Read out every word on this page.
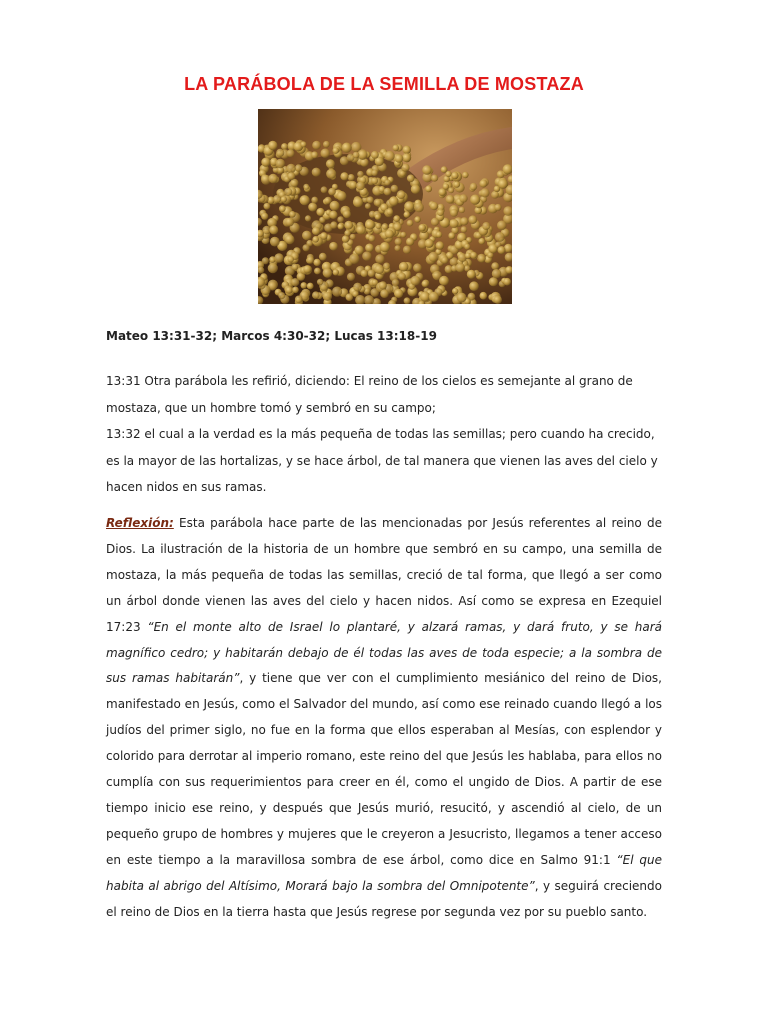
LA PARÁBOLA DE LA SEMILLA DE MOSTAZA

Mateo 13:31-32; Marcos 4:30-32; Lucas 13:18-19

13:31 Otra parábola les refirió, diciendo: El reino de los cielos es semejante al grano de mostaza, que un hombre tomó y sembró en su campo;

13:32 el cual a la verdad es la más pequeña de todas las semillas; pero cuando ha crecido, es la mayor de las hortalizas, y se hace árbol, de tal manera que vienen las aves del cielo y hacen nidos en sus ramas.

Reflexión: Esta parábola hace parte de las mencionadas por Jesús referentes al reino de Dios. La ilustración de la historia de un hombre que sembró en su campo, una semilla de mostaza, la más pequeña de todas las semillas, creció de tal forma, que llegó a ser como un árbol donde vienen las aves del cielo y hacen nidos. Así como se expresa en Ezequiel 17:23 “En el monte alto de Israel lo plantaré, y alzará ramas, y dará fruto, y se hará magnífico cedro; y habitarán debajo de él todas las aves de toda especie; a la sombra de sus ramas habitarán”, y tiene que ver con el cumplimiento mesiánico del reino de Dios, manifestado en Jesús, como el Salvador del mundo, así como ese reinado cuando llegó a los judíos del primer siglo, no fue en la forma que ellos esperaban al Mesías, con esplendor y colorido para derrotar al imperio romano, este reino del que Jesús les hablaba, para ellos no cumplía con sus requerimientos para creer en él, como el ungido de Dios. A partir de ese tiempo inicio ese reino, y después que Jesús murió, resucitó, y ascendió al cielo, de un pequeño grupo de hombres y mujeres que le creyeron a Jesucristo, llegamos a tener acceso en este tiempo a la maravillosa sombra de ese árbol, como dice en Salmo 91:1 “El que habita al abrigo del Altísimo, Morará bajo la sombra del Omnipotente”, y seguirá creciendo el reino de Dios en la tierra hasta que Jesús regrese por segunda vez por su pueblo santo.
